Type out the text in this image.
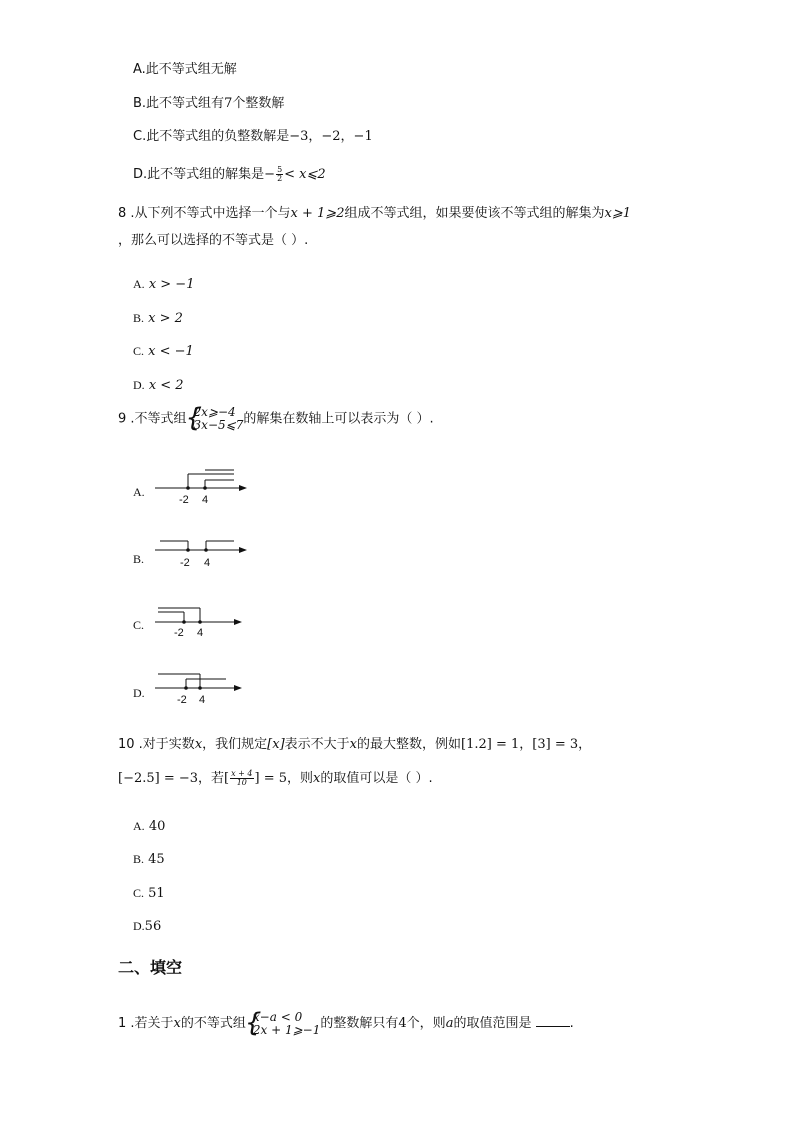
A.此不等式组无解
B.此不等式组有7个整数解
C.此不等式组的负整数解是−3，−2，−1
D.此不等式组的解集是− $\frac{5}{2}$ < x⩽2
8 .从下列不等式中选择一个与x + 1⩾2组成不等式组，如果要使该不等式组的解集为x⩾1
，那么可以选择的不等式是（ ）.
A. x > −1
B. x > 2
C. x < −1
D. x < 2
9 .不等式组 { 2x⩾−4
3x−5⩽7 的解集在数轴上可以表示为（ ）.
A.
-2 4
B.	-2 4
C.
-2 4
D.	-2 4
10 .对于实数x，我们规定[x]表示不大于x的最大整数，例如[1.2] = 1，[3] = 3，
[−2.5] = −3，若[ $\frac{x + 4}{10}$ ] = 5，则x的取值可以是（ ）.
A. 40
B. 45
C. 51
D.56
二、填空
1 .若关于x的不等式组 { x−a < 0
2x + 1⩾−1 的整数解只有4个，则a的取值范围是	.
